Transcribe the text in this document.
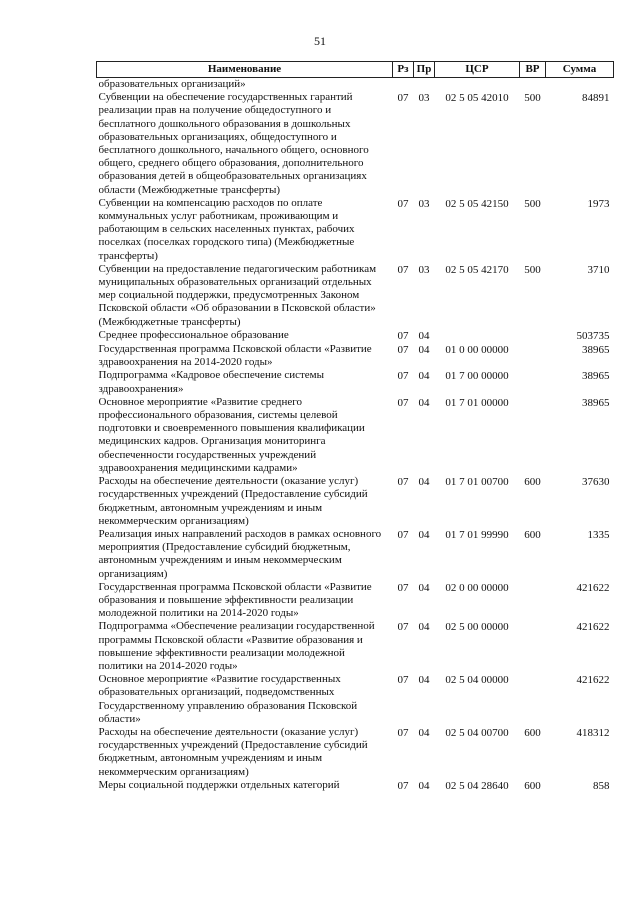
51
Наименование	Рз	Пр	ЦСР	ВР	Сумма
образовательных организаций»					
Субвенции на обеспечение государственных гарантий реализации прав на получение общедоступного и бесплатного дошкольного образования в дошкольных образовательных организациях, общедоступного и бесплатного дошкольного, начального общего, основного общего, среднего общего образования, дополнительного образования детей в общеобразовательных организациях области (Межбюджетные трансферты)	07	03	02 5 05 42010	500	84891
Субвенции на компенсацию расходов по оплате коммунальных услуг работникам, проживающим и работающим в сельских населенных пунктах, рабочих поселках (поселках городского типа) (Межбюджетные трансферты)	07	03	02 5 05 42150	500	1973
Субвенции на предоставление педагогическим работникам муниципальных образовательных организаций отдельных мер социальной поддержки, предусмотренных Законом Псковской области «Об образовании в Псковской области» (Межбюджетные трансферты)	07	03	02 5 05 42170	500	3710
Среднее профессиональное образование	07	04			503735
Государственная программа Псковской области «Развитие здравоохранения на 2014-2020 годы»	07	04	01 0 00 00000		38965
Подпрограмма «Кадровое обеспечение системы здравоохранения»	07	04	01 7 00 00000		38965
Основное мероприятие «Развитие среднего профессионального образования, системы целевой подготовки и своевременного повышения квалификации медицинских кадров. Организация мониторинга обеспеченности государственных учреждений здравоохранения медицинскими кадрами»	07	04	01 7 01 00000		38965
Расходы на обеспечение деятельности (оказание услуг) государственных учреждений (Предоставление субсидий бюджетным, автономным учреждениям и иным некоммерческим организациям)	07	04	01 7 01 00700	600	37630
Реализация иных направлений расходов в рамках основного мероприятия (Предоставление субсидий бюджетным, автономным учреждениям и иным некоммерческим организациям)	07	04	01 7 01 99990	600	1335
Государственная программа Псковской области «Развитие образования и повышение эффективности реализации молодежной политики на 2014-2020 годы»	07	04	02 0 00 00000		421622
Подпрограмма «Обеспечение реализации государственной программы Псковской области «Развитие образования и повышение эффективности реализации молодежной политики на 2014-2020 годы»	07	04	02 5 00 00000		421622
Основное мероприятие «Развитие государственных образовательных организаций, подведомственных Государственному управлению образования Псковской области»	07	04	02 5 04 00000		421622
Расходы на обеспечение деятельности (оказание услуг) государственных учреждений (Предоставление субсидий бюджетным, автономным учреждениям и иным некоммерческим организациям)	07	04	02 5 04 00700	600	418312
Меры социальной поддержки отдельных категорий	07	04	02 5 04 28640	600	858
